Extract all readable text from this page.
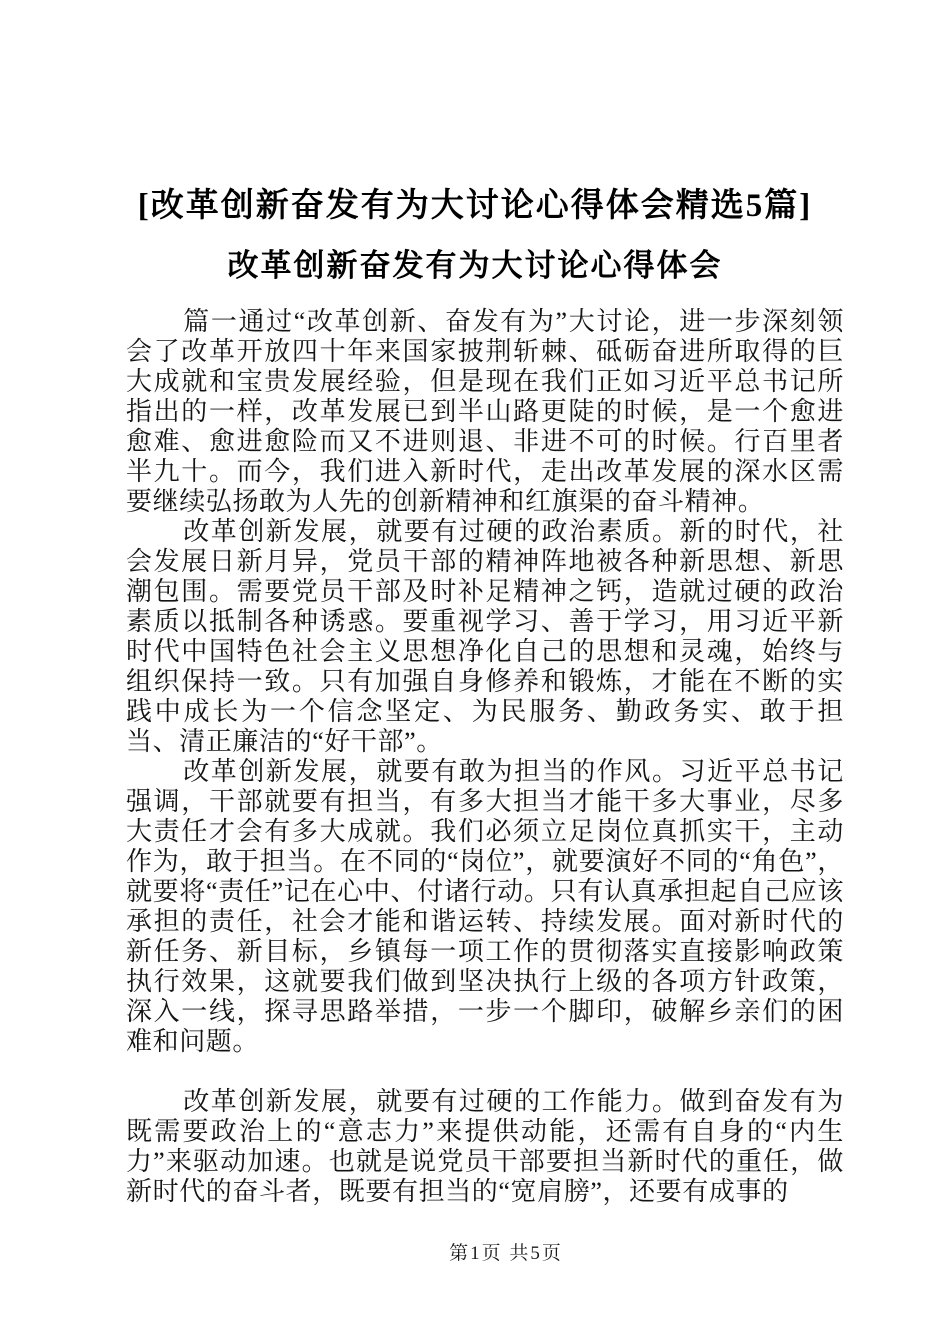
[改革创新奋发有为大讨论心得体会精选5篇]
改革创新奋发有为大讨论心得体会

篇一通过“改革创新、奋发有为”大讨论，进一步深刻领会了改革开放四十年来国家披荆斩棘、砥砺奋进所取得的巨大成就和宝贵发展经验，但是现在我们正如习近平总书记所指出的一样，改革发展已到半山路更陡的时候，是一个愈进愈难、愈进愈险而又不进则退、非进不可的时候。行百里者半九十。而今，我们进入新时代，走出改革发展的深水区需要继续弘扬敢为人先的创新精神和红旗渠的奋斗精神。

改革创新发展，就要有过硬的政治素质。新的时代，社会发展日新月异，党员干部的精神阵地被各种新思想、新思潮包围。需要党员干部及时补足精神之钙，造就过硬的政治素质以抵制各种诱惑。要重视学习、善于学习，用习近平新时代中国特色社会主义思想净化自己的思想和灵魂，始终与组织保持一致。只有加强自身修养和锻炼，才能在不断的实践中成长为一个信念坚定、为民服务、勤政务实、敢于担当、清正廉洁的“好干部”。

改革创新发展，就要有敢为担当的作风。习近平总书记强调，干部就要有担当，有多大担当才能干多大事业，尽多大责任才会有多大成就。我们必须立足岗位真抓实干，主动作为，敢于担当。在不同的“岗位”，就要演好不同的“角色”，就要将“责任”记在心中、付诸行动。只有认真承担起自己应该承担的责任，社会才能和谐运转、持续发展。面对新时代的新任务、新目标，乡镇每一项工作的贯彻落实直接影响政策执行效果，这就要我们做到坚决执行上级的各项方针政策，深入一线，探寻思路举措，一步一个脚印，破解乡亲们的困难和问题。

改革创新发展，就要有过硬的工作能力。做到奋发有为既需要政治上的“意志力”来提供动能，还需有自身的“内生力”来驱动加速。也就是说党员干部要担当新时代的重任，做新时代的奋斗者，既要有担当的“宽肩膀”，还要有成事的

第1页 共5页
